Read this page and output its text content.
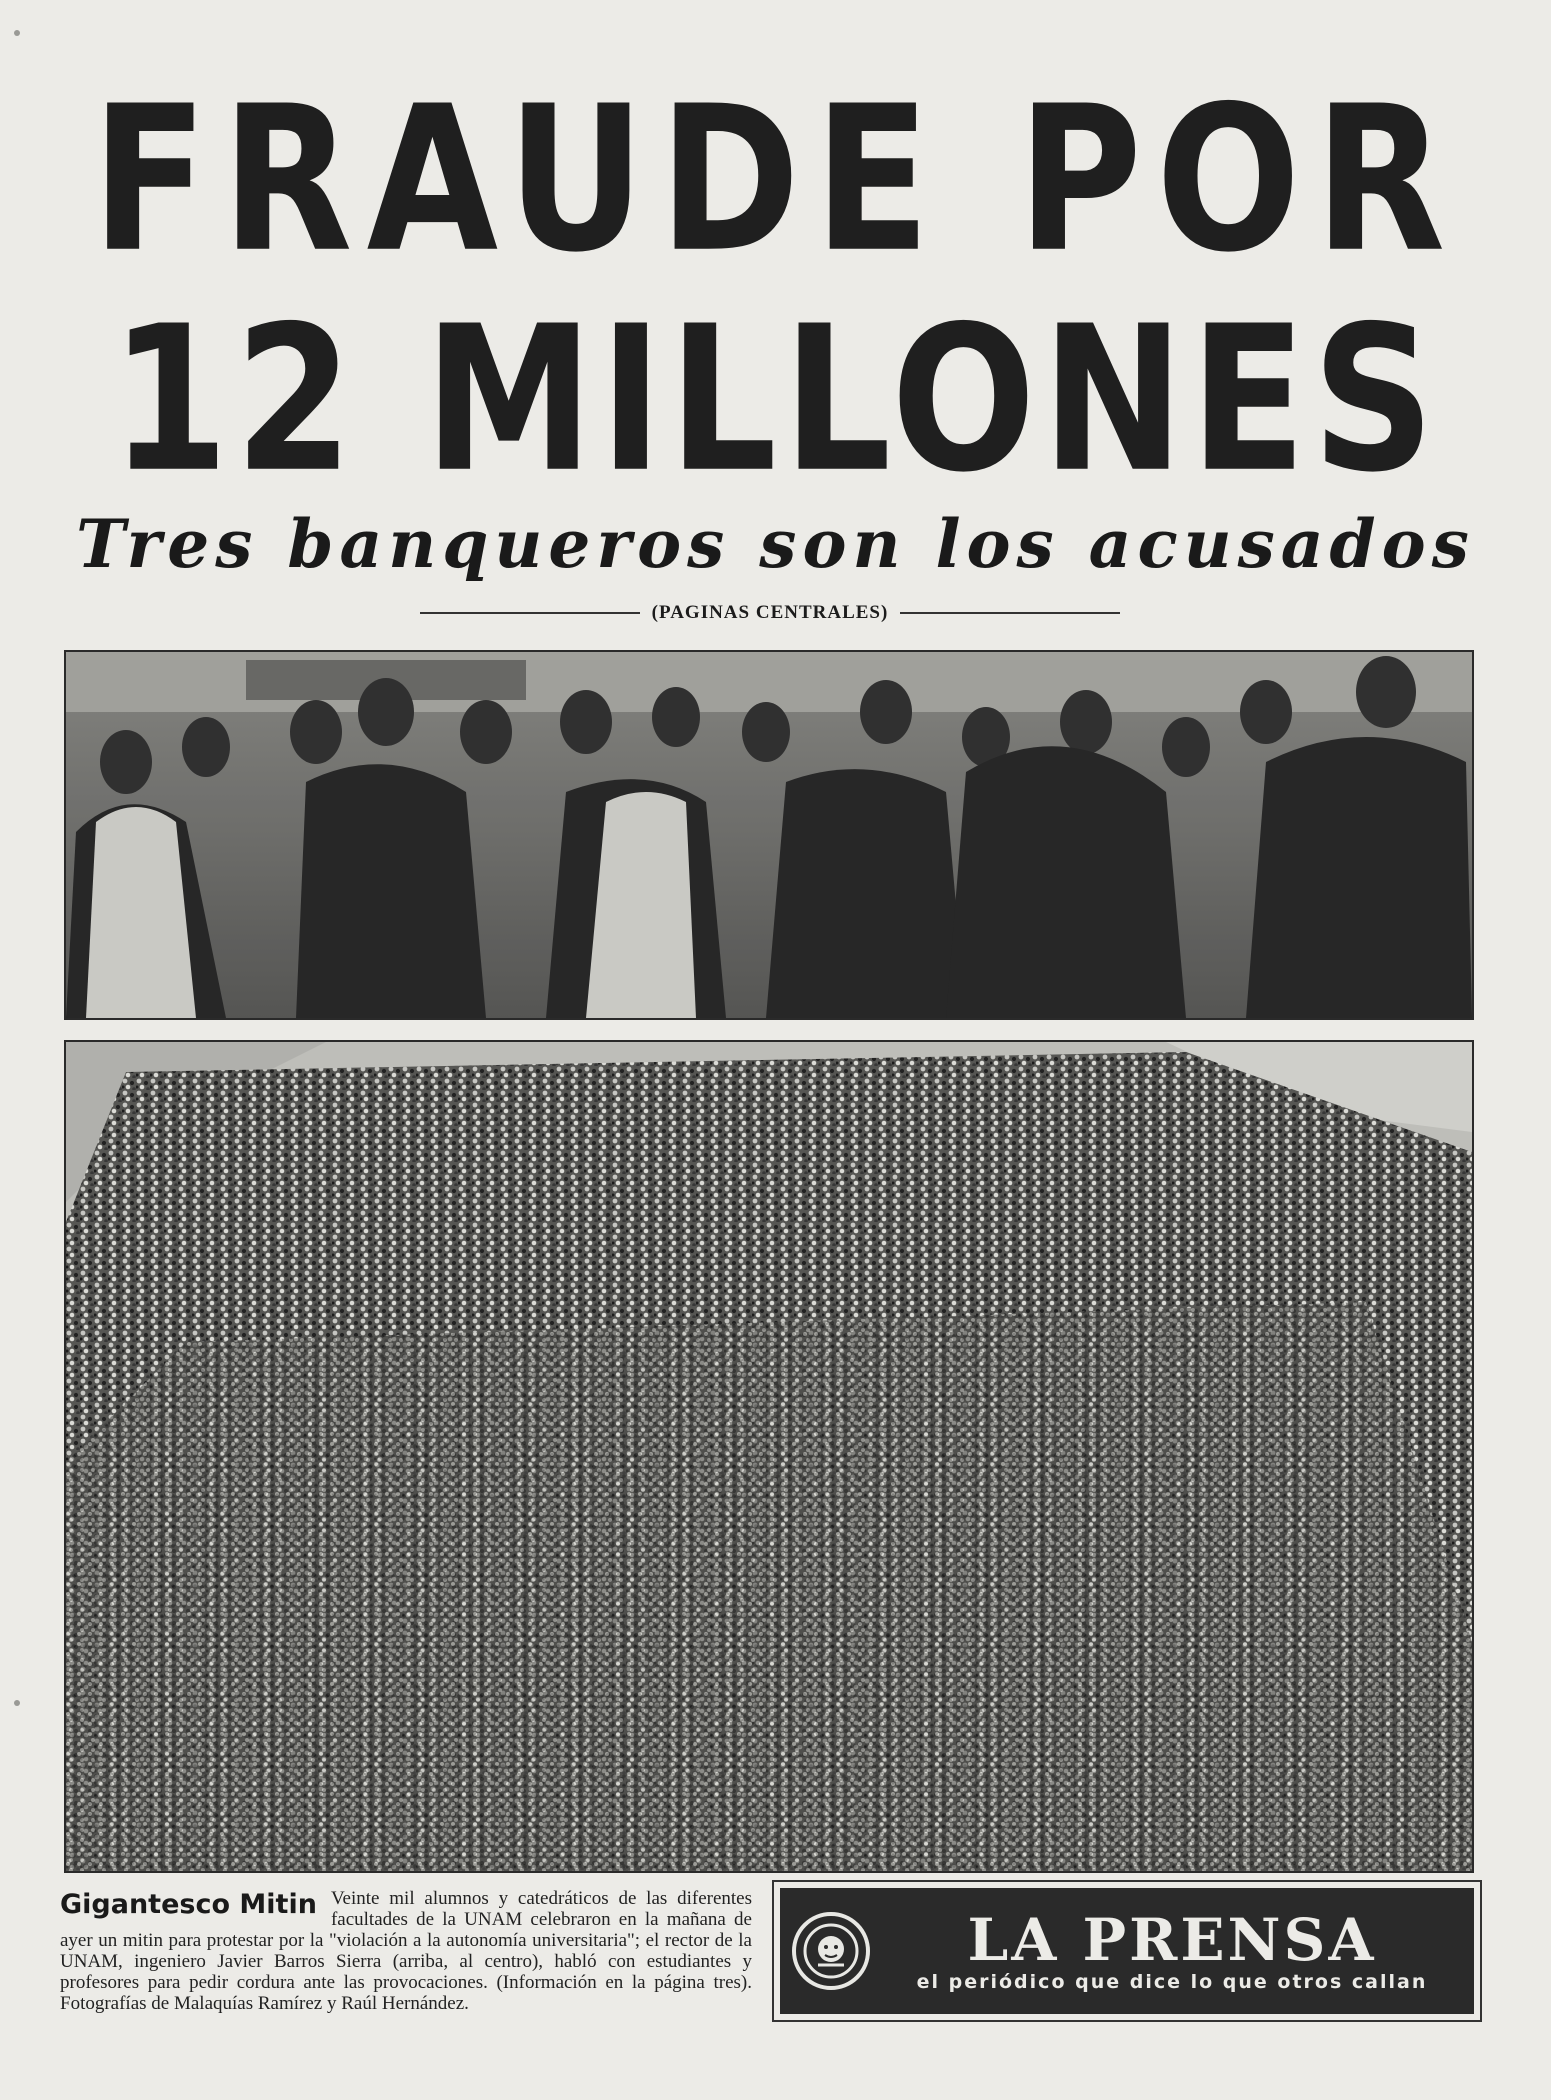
FRAUDE POR
12 MILLONES
Tres banqueros son los acusados
(PAGINAS CENTRALES)
Gigantesco Mitin Veinte mil alumnos y catedráticos de las diferentes facultades de la UNAM celebraron en la mañana de ayer un mitin para protestar por la "violación a la autonomía universitaria"; el rector de la UNAM, ingeniero Javier Barros Sierra (arriba, al centro), habló con estudiantes y profesores para pedir cordura ante las provocaciones. (Información en la página tres). Fotografías de Malaquías Ramírez y Raúl Hernández.
LA PRENSA
el periódico que dice lo que otros callan
